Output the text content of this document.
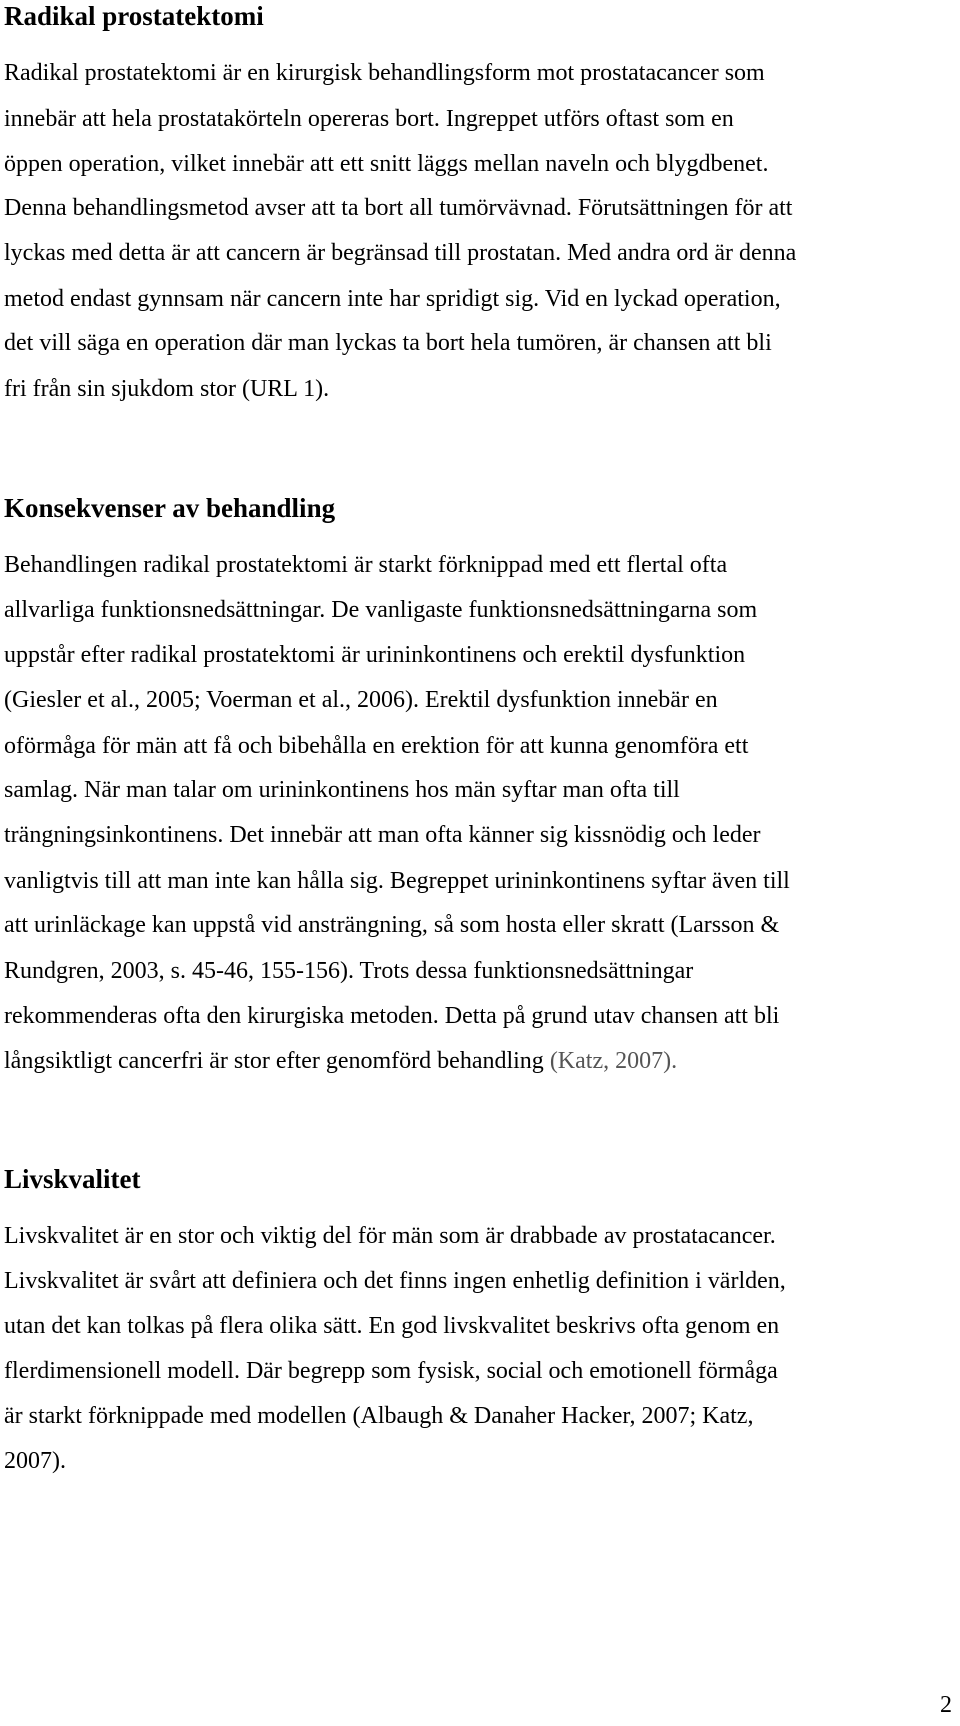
Radikal prostatektomi

Radikal prostatektomi är en kirurgisk behandlingsform mot prostatacancer som

innebär att hela prostatakörteln opereras bort. Ingreppet utförs oftast som en

öppen operation, vilket innebär att ett snitt läggs mellan naveln och blygdbenet.

Denna behandlingsmetod avser att ta bort all tumörvävnad. Förutsättningen för att

lyckas med detta är att cancern är begränsad till prostatan. Med andra ord är denna

metod endast gynnsam när cancern inte har spridigt sig. Vid en lyckad operation,

det vill säga en operation där man lyckas ta bort hela tumören, är chansen att bli

fri från sin sjukdom stor (URL 1).

Konsekvenser av behandling

Behandlingen radikal prostatektomi är starkt förknippad med ett flertal ofta

allvarliga funktionsnedsättningar. De vanligaste funktionsnedsättningarna som

uppstår efter radikal prostatektomi är urininkontinens och erektil dysfunktion

(Giesler et al., 2005; Voerman et al., 2006). Erektil dysfunktion innebär en

oförmåga för män att få och bibehålla en erektion för att kunna genomföra ett

samlag. När man talar om urininkontinens hos män syftar man ofta till

trängningsinkontinens. Det innebär att man ofta känner sig kissnödig och leder

vanligtvis till att man inte kan hålla sig. Begreppet urininkontinens syftar även till

att urinläckage kan uppstå vid ansträngning, så som hosta eller skratt (Larsson &

Rundgren, 2003, s. 45-46, 155-156). Trots dessa funktionsnedsättningar

rekommenderas ofta den kirurgiska metoden. Detta på grund utav chansen att bli

långsiktligt cancerfri är stor efter genomförd behandling (Katz, 2007).

Livskvalitet

Livskvalitet är en stor och viktig del för män som är drabbade av prostatacancer.

Livskvalitet är svårt att definiera och det finns ingen enhetlig definition i världen,

utan det kan tolkas på flera olika sätt. En god livskvalitet beskrivs ofta genom en

flerdimensionell modell. Där begrepp som fysisk, social och emotionell förmåga

är starkt förknippade med modellen (Albaugh & Danaher Hacker, 2007; Katz,

2007).

2
